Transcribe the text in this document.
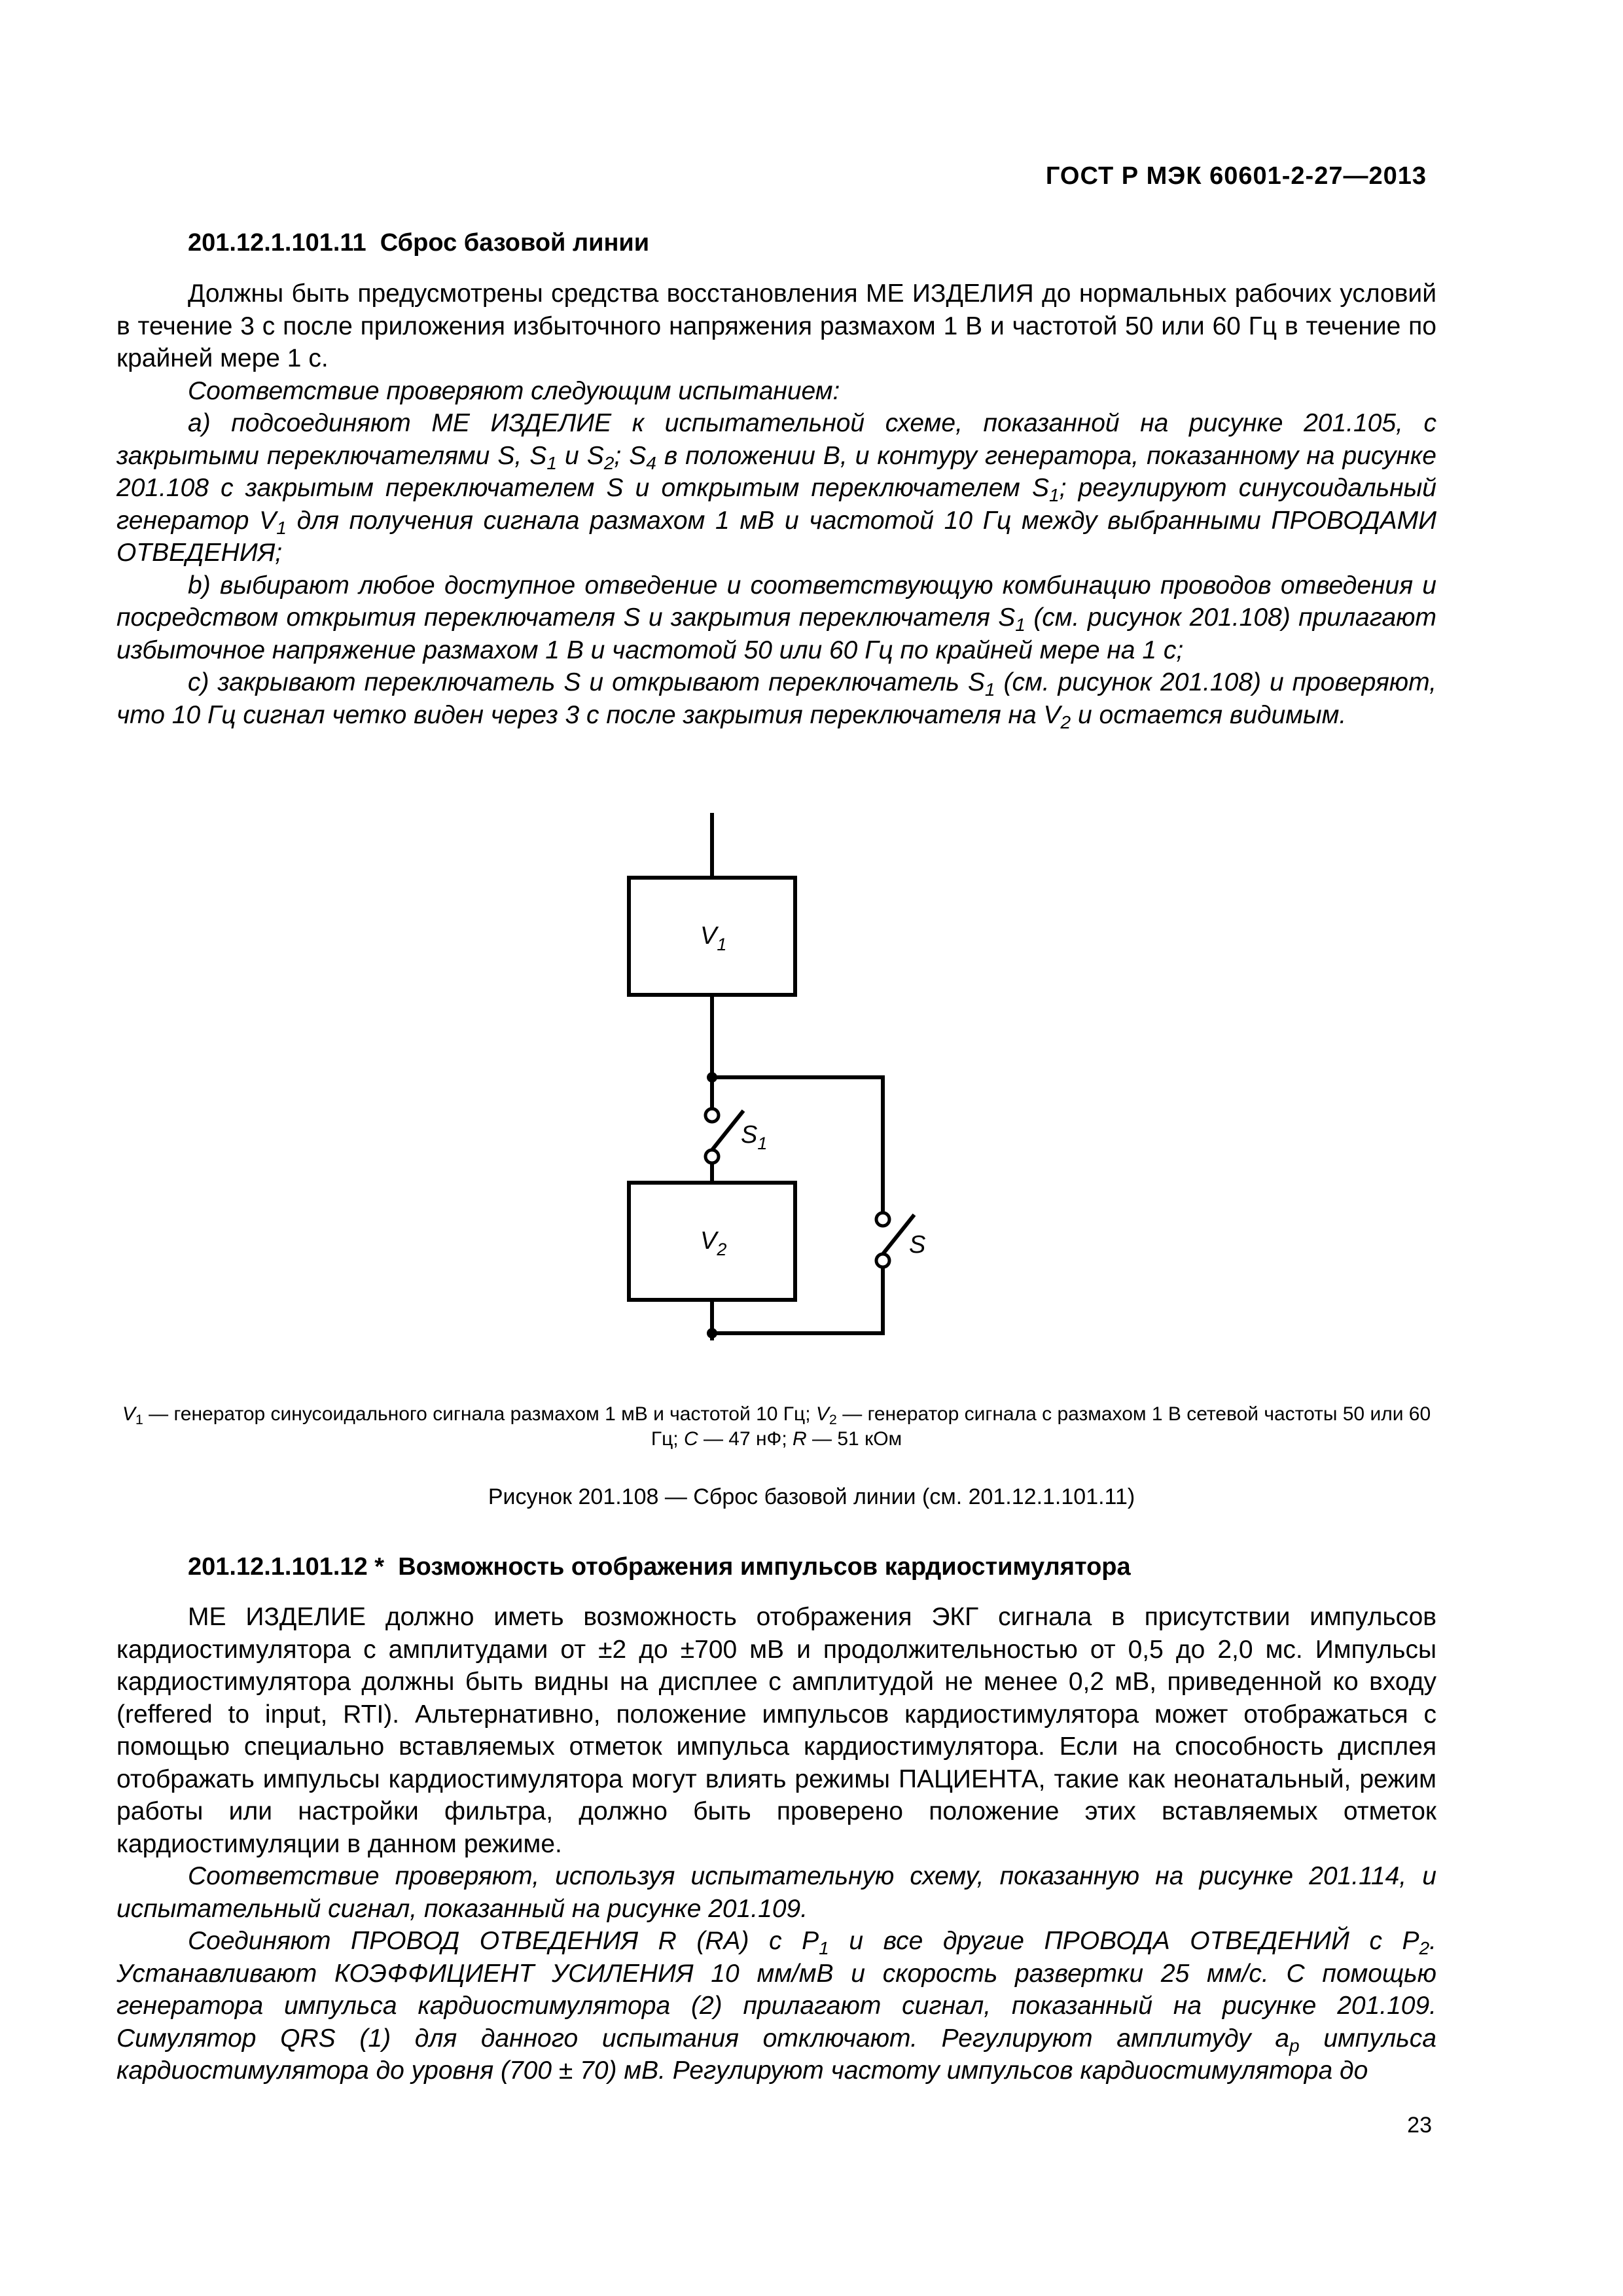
ГОСТ Р МЭК 60601-2-27—2013
201.12.1.101.11 Сброс базовой линии

Должны быть предусмотрены средства восстановления МЕ ИЗДЕЛИЯ до нормальных рабочих условий в течение 3 с после приложения избыточного напряжения размахом 1 В и частотой 50 или 60 Гц в течение по крайней мере 1 с.

Соответствие проверяют следующим испытанием:

a) подсоединяют МЕ ИЗДЕЛИЕ к испытательной схеме, показанной на рисунке 201.105, с закрытыми переключателями S, $S_1$ и $S_2$; $S_4$ в положении B, и контуру генератора, показанному на рисунке 201.108 с закрытым переключателем S и открытым переключателем $S_1$; регулируют синусоидальный генератор $V_1$ для получения сигнала размахом 1 мВ и частотой 10 Гц между выбранными ПРОВОДАМИ ОТВЕДЕНИЯ;

b) выбирают любое доступное отведение и соответствующую комбинацию проводов отведения и посредством открытия переключателя S и закрытия переключателя $S_1$ (см. рисунок 201.108) прилагают избыточное напряжение размахом 1 В и частотой 50 или 60 Гц по крайней мере на 1 с;

c) закрывают переключатель S и открывают переключатель $S_1$ (см. рисунок 201.108) и проверяют, что 10 Гц сигнал четко виден через 3 с после закрытия переключателя на $V_2$ и остается видимым.

$V_1$
$V_2$
$S_1$
S
$V_1$ — генератор синусоидального сигнала размахом 1 мВ и частотой 10 Гц; $V_2$ — генератор сигнала с размахом 1 В сетевой частоты 50 или 60 Гц; C — 47 нФ; R — 51 кОм
Рисунок 201.108 — Сброс базовой линии (см. 201.12.1.101.11)
201.12.1.101.12 * Возможность отображения импульсов кардиостимулятора

МЕ ИЗДЕЛИЕ должно иметь возможность отображения ЭКГ сигнала в присутствии импульсов кардиостимулятора с амплитудами от ±2 до ±700 мВ и продолжительностью от 0,5 до 2,0 мс. Импульсы кардиостимулятора должны быть видны на дисплее с амплитудой не менее 0,2 мВ, приведенной ко входу (reffered to input, RTI). Альтернативно, положение импульсов кардиостимулятора может отображаться с помощью специально вставляемых отметок импульса кардиостимулятора. Если на способность дисплея отображать импульсы кардиостимулятора могут влиять режимы ПАЦИЕНТА, такие как неонатальный, режим работы или настройки фильтра, должно быть проверено положение этих вставляемых отметок кардиостимуляции в данном режиме.

Соответствие проверяют, используя испытательную схему, показанную на рисунке 201.114, и испытательный сигнал, показанный на рисунке 201.109.

Соединяют ПРОВОД ОТВЕДЕНИЯ R (RA) с $P_1$ и все другие ПРОВОДА ОТВЕДЕНИЙ с $P_2$. Устанавливают КОЭФФИЦИЕНТ УСИЛЕНИЯ 10 мм/мВ и скорость развертки 25 мм/с. С помощью генератора импульса кардиостимулятора (2) прилагают сигнал, показанный на рисунке 201.109. Симулятор QRS (1) для данного испытания отключают. Регулируют амплитуду $a_p$ импульса кардиостимулятора до уровня (700 ± 70) мВ. Регулируют частоту импульсов кардиостимулятора до

23
